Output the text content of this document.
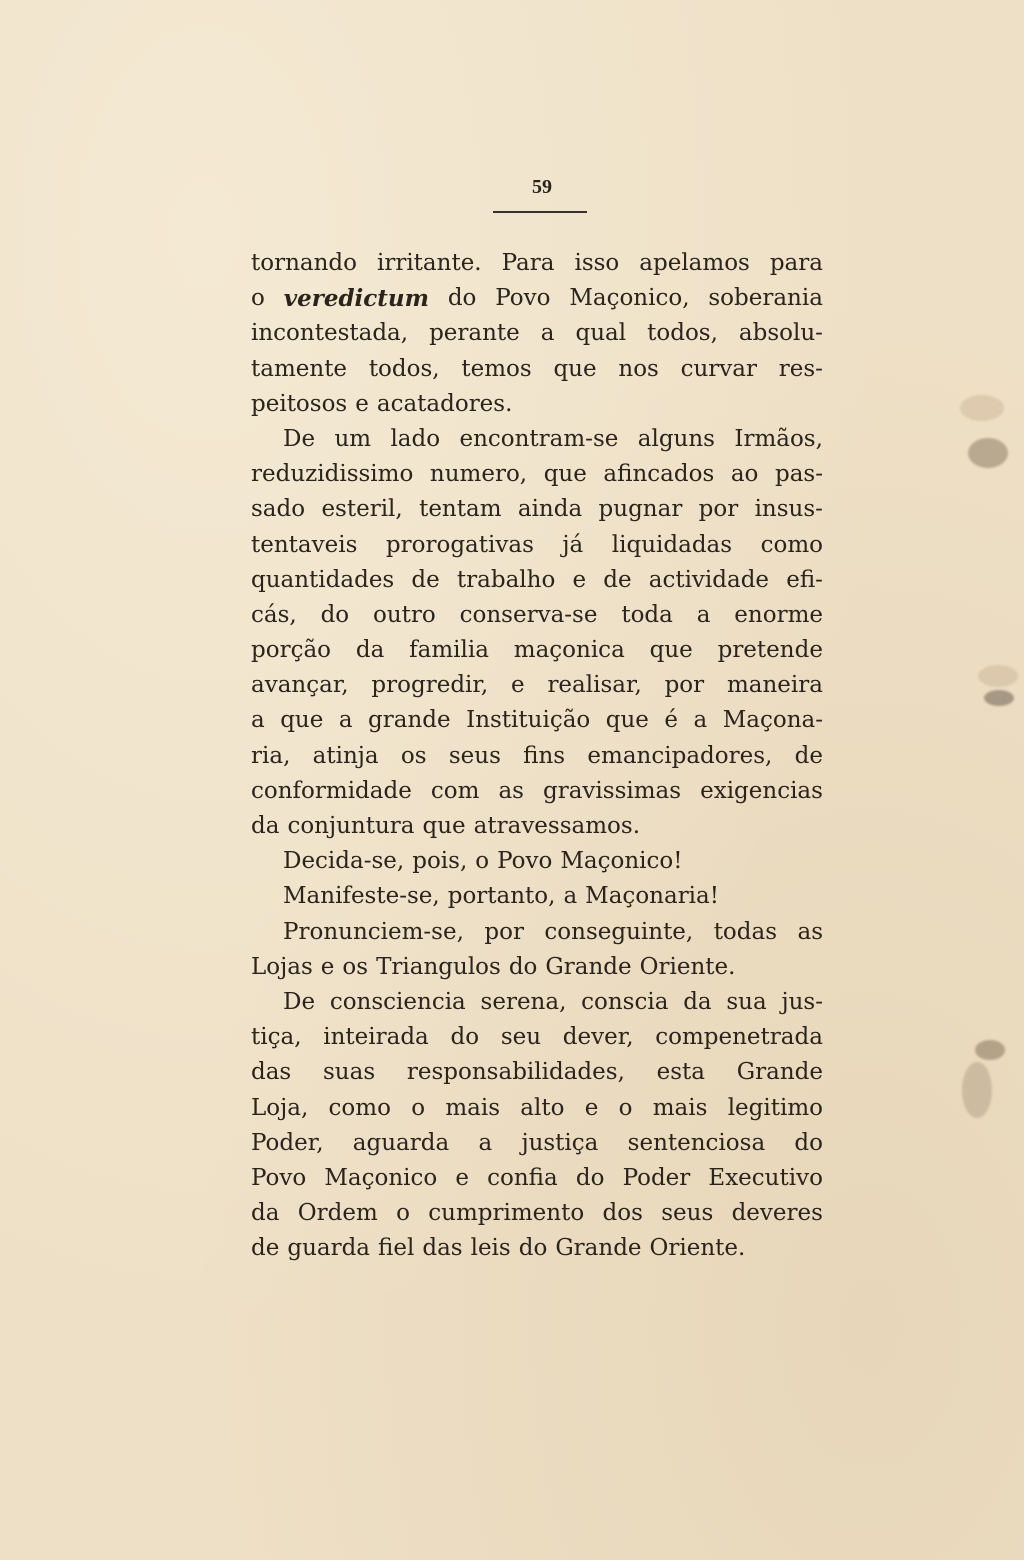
59
tornando irritante. Para isso apelamos para
o veredictum do Povo Maçonico, soberania
incontestada, perante a qual todos, absolu-
tamente todos, temos que nos curvar res-
peitosos e acatadores.
De um lado encontram-se alguns Irmãos,
reduzidissimo numero, que afincados ao pas-
sado esteril, tentam ainda pugnar por insus-
tentaveis prorogativas já liquidadas como
quantidades de trabalho e de actividade efi-
cás, do outro conserva-se toda a enorme
porção da familia maçonica que pretende
avançar, progredir, e realisar, por maneira
a que a grande Instituição que é a Maçona-
ria, atinja os seus fins emancipadores, de
conformidade com as gravissimas exigencias
da conjuntura que atravessamos.
Decida-se, pois, o Povo Maçonico!
Manifeste-se, portanto, a Maçonaria!
Pronunciem-se, por conseguinte, todas as
Lojas e os Triangulos do Grande Oriente.
De consciencia serena, conscia da sua jus-
tiça, inteirada do seu dever, compenetrada
das suas responsabilidades, esta Grande
Loja, como o mais alto e o mais legitimo
Poder, aguarda a justiça sentenciosa do
Povo Maçonico e confia do Poder Executivo
da Ordem o cumprimento dos seus deveres
de guarda fiel das leis do Grande Oriente.
